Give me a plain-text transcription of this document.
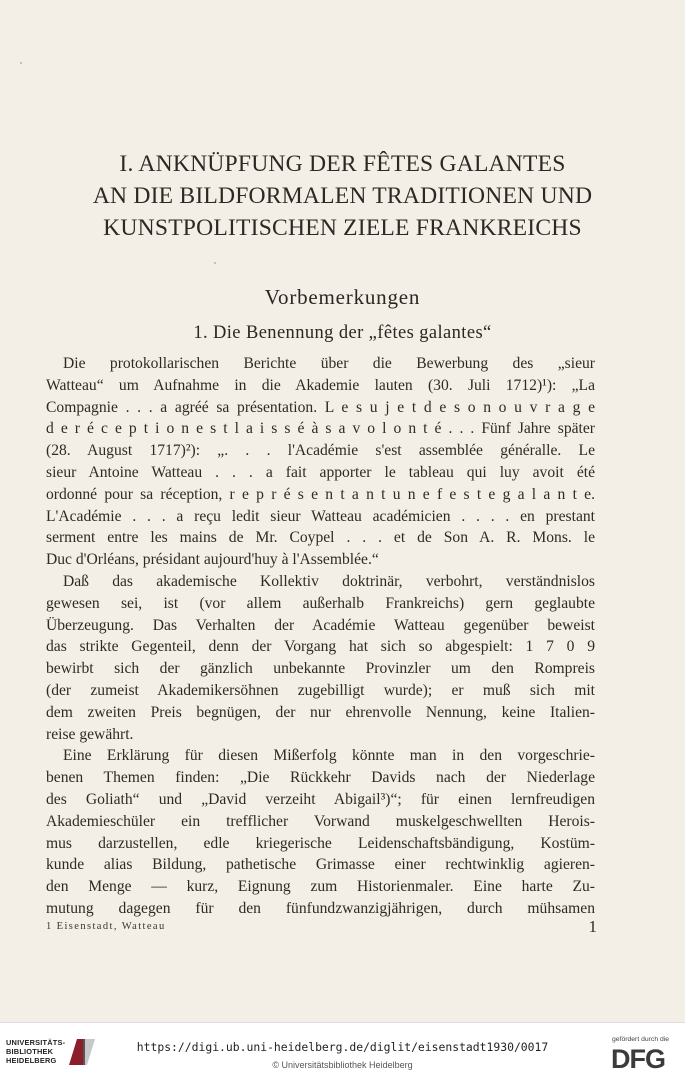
I. ANKNÜPFUNG DER FÊTES GALANTES
AN DIE BILDFORMALEN TRADITIONEN UND
KUNSTPOLITISCHEN ZIELE FRANKREICHS
Vorbemerkungen
1. Die Benennung der „fêtes galantes“
Die protokollarischen Berichte über die Bewerbung des „sieur
Watteau“ um Aufnahme in die Akademie lauten (30. Juli 1712)¹): „La
Compagnie . . . a agréé sa présentation. L e s u j e t d e s o n o u v r a g e
d e r é c e p t i o n e s t l a i s s é à s a v o l o n t é . . . Fünf Jahre später
(28. August 1717)²): „. . . l'Académie s'est assemblée généralle. Le
sieur Antoine Watteau . . . a fait apporter le tableau qui luy avoit été
ordonné pour sa réception, r e p r é s e n t a n t u n e f e s t e g a l a n t e.
L'Académie . . . a reçu ledit sieur Watteau académicien . . . . en prestant
serment entre les mains de Mr. Coypel . . . et de Son A. R. Mons. le
Duc d'Orléans, présidant aujourd'huy à l'Assemblée.“
Daß das akademische Kollektiv doktrinär, verbohrt, verständnislos
gewesen sei, ist (vor allem außerhalb Frankreichs) gern geglaubte
Überzeugung. Das Verhalten der Académie Watteau gegenüber beweist
das strikte Gegenteil, denn der Vorgang hat sich so abgespielt: 1 7 0 9
bewirbt sich der gänzlich unbekannte Provinzler um den Rompreis
(der zumeist Akademikersöhnen zugebilligt wurde); er muß sich mit
dem zweiten Preis begnügen, der nur ehrenvolle Nennung, keine Italien-
reise gewährt.
Eine Erklärung für diesen Mißerfolg könnte man in den vorgeschrie-
benen Themen finden: „Die Rückkehr Davids nach der Niederlage
des Goliath“ und „David verzeiht Abigail³)“; für einen lernfreudigen
Akademieschüler ein trefflicher Vorwand muskelgeschwellten Herois-
mus darzustellen, edle kriegerische Leidenschaftsbändigung, Kostüm-
kunde alias Bildung, pathetische Grimasse einer rechtwinklig agieren-
den Menge — kurz, Eignung zum Historienmaler. Eine harte Zu-
mutung dagegen für den fünfundzwanzigjährigen, durch mühsamen
1 Eisenstadt, Watteau	1
UNIVERSITÄTS-
BIBLIOTHEK
HEIDELBERG
https://digi.ub.uni-heidelberg.de/diglit/eisenstadt1930/0017
© Universitätsbibliothek Heidelberg
gefördert durch die
DFG
